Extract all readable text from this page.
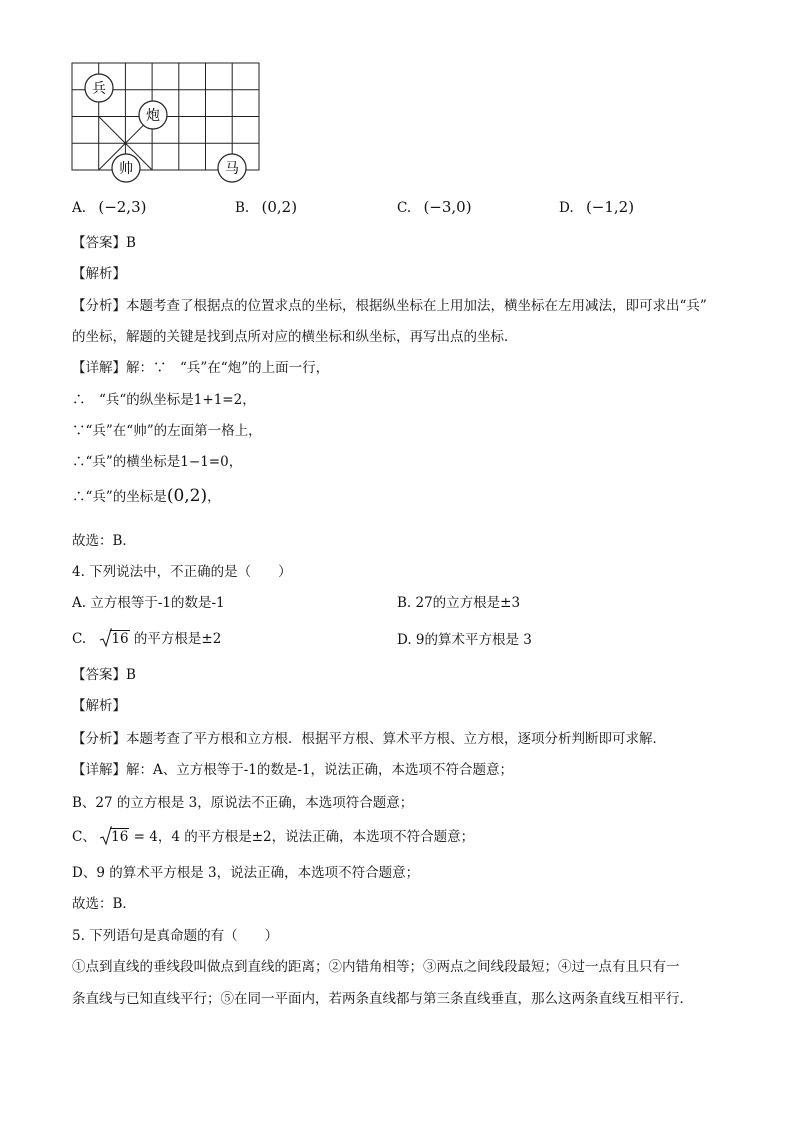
兵
炮
帅	马
A. (−2,3)	B. (0,2)	C. (−3,0)	D. (−1,2)
【答案】B
【解析】
【分析】本题考查了根据点的位置求点的坐标，根据纵坐标在上用加法，横坐标在左用减法，即可求出“兵”
的坐标，解题的关键是找到点所对应的横坐标和纵坐标，再写出点的坐标．
【详解】解：∵　“兵”在“炮”的上面一行，
∴　“兵“的纵坐标是1+1=2，
∵“兵”在“帅”的左面第一格上，
∴“兵”的横坐标是1−1=0，
∴“兵”的坐标是(0,2)，
故选：B．
4. 下列说法中，不正确的是（　　）
A. 立方根等于-1的数是-1	B. 27的立方根是±3
C. 16 的平方根是±2	D. 9的算术平方根是 3
【答案】B
【解析】
【分析】本题考查了平方根和立方根．根据平方根、算术平方根、立方根，逐项分析判断即可求解．
【详解】解：A、立方根等于-1的数是-1，说法正确，本选项不符合题意；
B、27 的立方根是 3，原说法不正确，本选项符合题意；
C、 16 = 4，4 的平方根是±2，说法正确，本选项不符合题意；
D、9 的算术平方根是 3，说法正确，本选项不符合题意；
故选：B．
5. 下列语句是真命题的有（　　）
①点到直线的垂线段叫做点到直线的距离；②内错角相等；③两点之间线段最短；④过一点有且只有一
条直线与已知直线平行；⑤在同一平面内，若两条直线都与第三条直线垂直，那么这两条直线互相平行．
